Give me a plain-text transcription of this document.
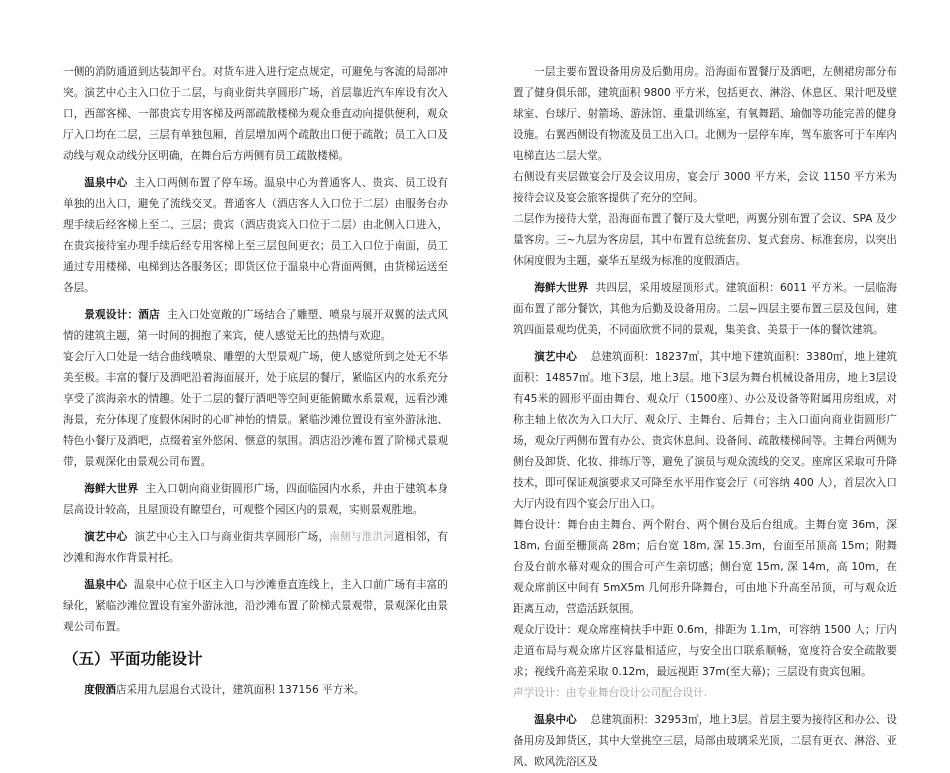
一侧的消防通道到达装卸平台。对货车进入进行定点规定，可避免与客流的局部冲突。演艺中心主入口位于二层，与商业街共享圆形广场，首层靠近汽车库设有次入口，西部客梯、一部贵宾专用客梯及两部疏散楼梯为观众垂直动向提供便利，观众厅入口均在二层，三层有单独包厢，首层增加两个疏散出口便于疏散；员工入口及动线与观众动线分区明确，在舞台后方两侧有员工疏散楼梯。

温泉中心 主入口两侧布置了停车场。温泉中心为普通客人、贵宾、员工设有单独的出入口，避免了流线交叉。普通客人（酒店客人入口位于二层）由服务台办理手续后经客梯上至二、三层；贵宾（酒店贵宾入口位于二层）由北侧入口进入，在贵宾接待室办理手续后经专用客梯上至三层包间更衣；员工入口位于南面，员工通过专用楼梯、电梯到达各服务区；即货区位于温泉中心背面两侧，由货梯运送至各层。

景观设计：酒店 主入口处宽敞的广场结合了雕塑、喷泉与展开双翼的法式风情的建筑主题，第一时间的拥抱了来宾，使人感觉无比的热情与欢迎。

宴会厅入口处是一结合曲线喷泉、雕塑的大型景观广场，使人感觉所到之处无不华美至极。丰富的餐厅及酒吧沿着海面展开，处于底层的餐厅，紧临区内的水系充分享受了滨海亲水的情趣。处于二层的餐厅酒吧等空间更能俯瞰水系景观，远看沙滩海景，充分体现了度假休闲时的心旷神怡的情景。紧临沙滩位置设有室外游泳池、特色小餐厅及酒吧，点缀着室外悠闲、惬意的氛围。酒店沿沙滩布置了阶梯式景观带，景观深化由景观公司布置。

海鲜大世界 主入口朝向商业街圆形广场，四面临园内水系，并由于建筑本身层高设计较高，且屋顶设有瞭望台，可观整个园区内的景观，实则景观胜地。

演艺中心 演艺中心主入口与商业街共享圆形广场，南侧与淮洪河道相邻，有沙滩和海水作背景衬托。

温泉中心 温泉中心位于Ⅰ区主入口与沙滩垂直连线上，主入口前广场有丰富的绿化，紧临沙滩位置设有室外游泳池，沿沙滩布置了阶梯式景观带，景观深化由景观公司布置。

（五）平面功能设计

度假酒店采用九层退台式设计，建筑面积 137156 平方米。

一层主要布置设备用房及后勤用房。沿海面布置餐厅及酒吧，左侧裙房部分布置了健身俱乐部，建筑面积 9800 平方米，包括更衣、淋浴、休息区、果汁吧及壁球室、台球厅、射箭场、游泳馆、重量训练室，有氧舞蹈、瑜伽等功能完善的健身设施。右翼西侧设有物流及员工出入口。北侧为一层停车库，驾车旅客可于车库内电梯直达二层大堂。

右侧设有夹层做宴会厅及会议用房，宴会厅 3000 平方米，会议 1150 平方米为接待会议及宴会旅客提供了充分的空间。

二层作为接待大堂，沿海面布置了餐厅及大堂吧，两翼分别布置了会议、SPA 及少量客房。三~九层为客房层，其中布置有总统套房、复式套房、标准套房，以突出休闲度假为主题，豪华五星级为标准的度假酒店。

海鲜大世界 共四层，采用坡屋顶形式。建筑面积：6011 平方米。一层临海面布置了部分餐饮，其他为后勤及设备用房。二层~四层主要布置三层及包间，建筑四面景观均优美，不同面欣赏不同的景观，集美食、美景于一体的餐饮建筑。

演艺中心 总建筑面积：18237㎡，其中地下建筑面积：3380㎡，地上建筑面积：14857㎡。地下3层，地上3层。地下3层为舞台机械设备用房，地上3层设有45米的圆形平面由舞台、观众厅（1500座）、办公及设备等附属用房组成，对称主轴上依次为入口大厅、观众厅、主舞台、后舞台；主入口面向商业街圆形广场，观众厅两侧布置有办公、贵宾休息间、设备间、疏散楼梯间等。主舞台两侧为侧台及卸货、化妆、排练厅等，避免了演员与观众流线的交叉。座席区采取可升降技术，即可保证观演要求又可降至水平用作宴会厅（可容纳 400 人），首层次入口大厅内设有四个宴会厅出入口。

舞台设计：舞台由主舞台、两个附台、两个侧台及后台组成。主舞台宽 36m，深 18m, 台面至栅顶高 28m；后台宽 18m, 深 15.3m，台面至吊顶高 15m；附舞台及台前水幕对观众的围合可产生亲切感；侧台宽 15m, 深 14m，高 10m，在观众席前区中间有 5mX5m 几何形升降舞台，可由地下升高至吊顶，可与观众近距离互动，营造活跃氛围。

观众厅设计：观众席座椅扶手中距 0.6m，排距为 1.1m，可容纳 1500 人；厅内走道布局与观众席片区容量相适应，与安全出口联系顺畅，宽度符合安全疏散要求；视线升高差采取 0.12m，最远视距 37m(至大幕)；三层设有贵宾包厢。

声学设计：由专业舞台设计公司配合设计.

温泉中心 总建筑面积：32953㎡，地上3层。首层主要为接待区和办公、设备用房及卸货区，其中大堂挑空三层，局部由玻璃采光顶，二层有更衣、淋浴、亚风、欧风洗浴区及
